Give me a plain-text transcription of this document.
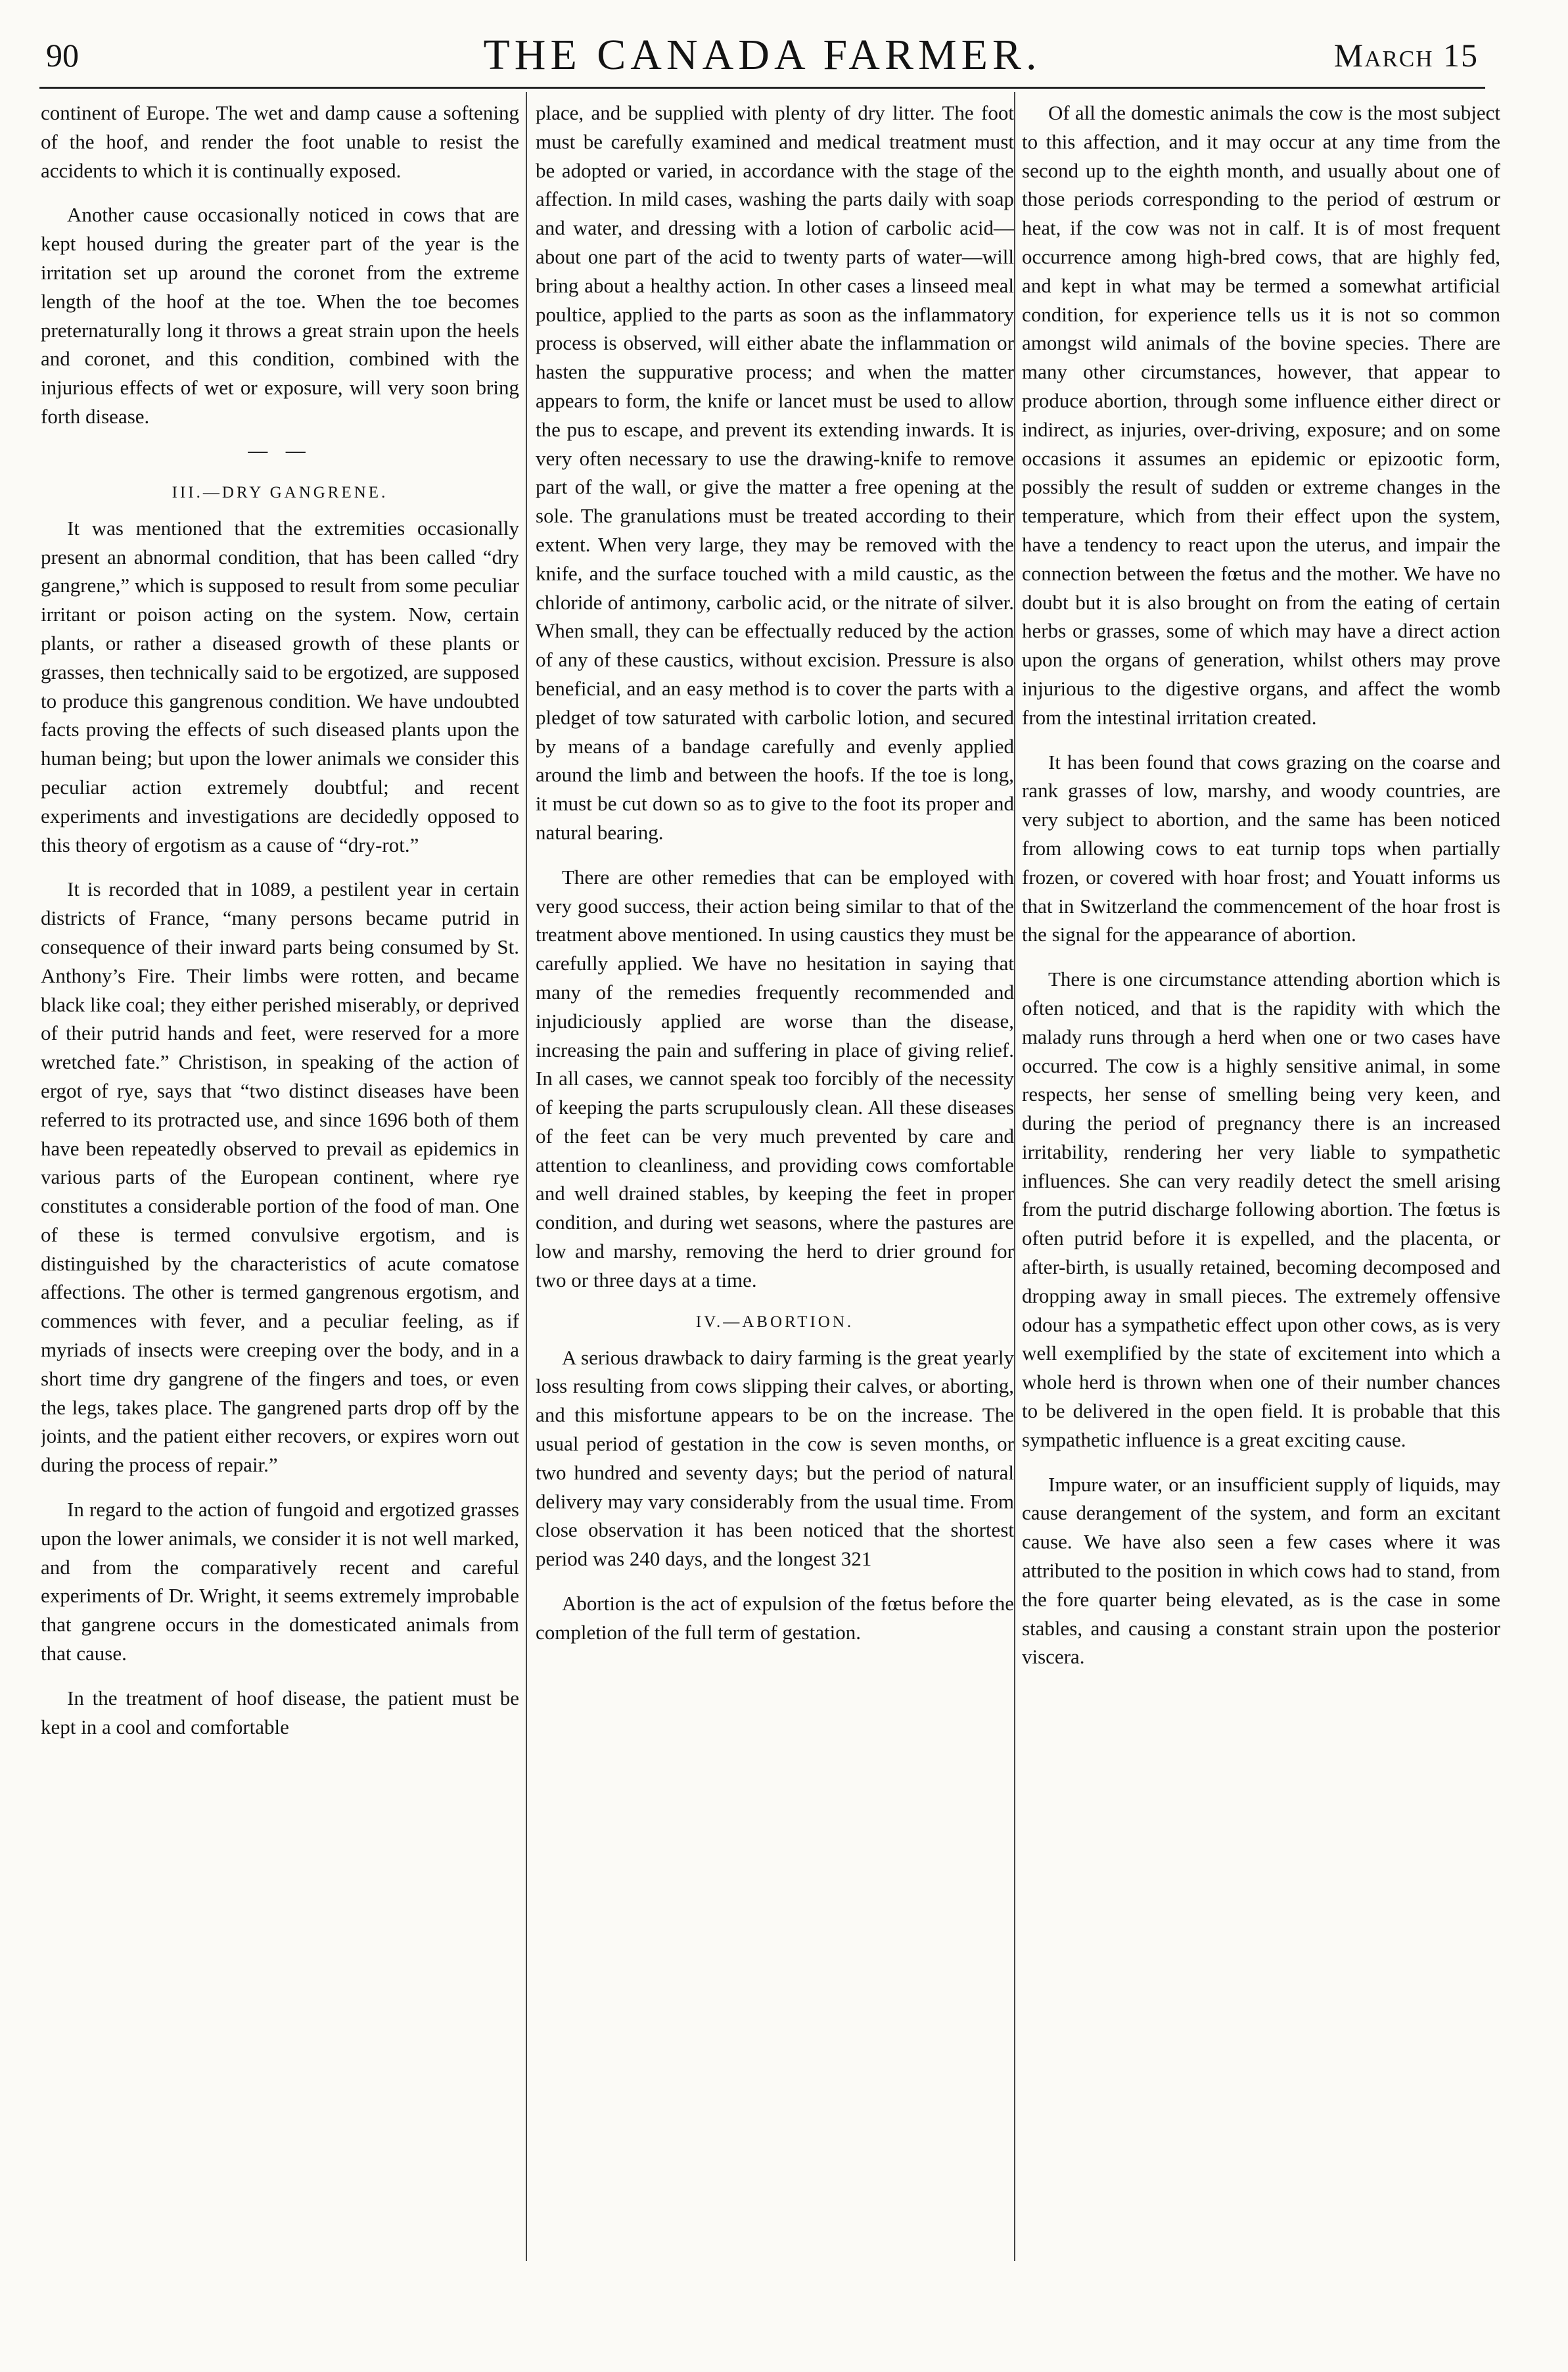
90	THE CANADA FARMER.	March 15

continent of Europe. The wet and damp cause a softening of the hoof, and render the foot unable to resist the accidents to which it is continually exposed.

Another cause occasionally noticed in cows that are kept housed during the greater part of the year is the irritation set up around the coronet from the extreme length of the hoof at the toe. When the toe becomes preternaturally long it throws a great strain upon the heels and coronet, and this condition, combined with the injurious effects of wet or exposure, will very soon bring forth disease.

— —
III.—DRY GANGRENE.

It was mentioned that the extremities occasionally present an abnormal condition, that has been called “dry gangrene,” which is supposed to result from some peculiar irritant or poison acting on the system. Now, certain plants, or rather a diseased growth of these plants or grasses, then technically said to be ergotized, are supposed to produce this gangrenous condition. We have undoubted facts proving the effects of such diseased plants upon the human being; but upon the lower animals we consider this peculiar action extremely doubtful; and recent experiments and investigations are decidedly opposed to this theory of ergotism as a cause of “dry-rot.”

It is recorded that in 1089, a pestilent year in certain districts of France, “many persons became putrid in consequence of their inward parts being consumed by St. Anthony’s Fire. Their limbs were rotten, and became black like coal; they either perished miserably, or deprived of their putrid hands and feet, were reserved for a more wretched fate.” Christison, in speaking of the action of ergot of rye, says that “two distinct diseases have been referred to its protracted use, and since 1696 both of them have been repeatedly observed to prevail as epidemics in various parts of the European continent, where rye constitutes a considerable portion of the food of man. One of these is termed convulsive ergotism, and is distinguished by the characteristics of acute comatose affections. The other is termed gangrenous ergotism, and commences with fever, and a peculiar feeling, as if myriads of insects were creeping over the body, and in a short time dry gangrene of the fingers and toes, or even the legs, takes place. The gangrened parts drop off by the joints, and the patient either recovers, or expires worn out during the process of repair.”

In regard to the action of fungoid and ergotized grasses upon the lower animals, we consider it is not well marked, and from the comparatively recent and careful experiments of Dr. Wright, it seems extremely improbable that gangrene occurs in the domesticated animals from that cause.

In the treatment of hoof disease, the patient must be kept in a cool and comfortable

place, and be supplied with plenty of dry litter. The foot must be carefully examined and medical treatment must be adopted or varied, in accordance with the stage of the affection. In mild cases, washing the parts daily with soap and water, and dressing with a lotion of carbolic acid—about one part of the acid to twenty parts of water—will bring about a healthy action. In other cases a linseed meal poultice, applied to the parts as soon as the inflammatory process is observed, will either abate the inflammation or hasten the suppurative process; and when the matter appears to form, the knife or lancet must be used to allow the pus to escape, and prevent its extending inwards. It is very often necessary to use the drawing-knife to remove part of the wall, or give the matter a free opening at the sole. The granulations must be treated according to their extent. When very large, they may be removed with the knife, and the surface touched with a mild caustic, as the chloride of antimony, carbolic acid, or the nitrate of silver. When small, they can be effectually reduced by the action of any of these caustics, without excision. Pressure is also beneficial, and an easy method is to cover the parts with a pledget of tow saturated with carbolic lotion, and secured by means of a bandage carefully and evenly applied around the limb and between the hoofs. If the toe is long, it must be cut down so as to give to the foot its proper and natural bearing.

There are other remedies that can be employed with very good success, their action being similar to that of the treatment above mentioned. In using caustics they must be carefully applied. We have no hesitation in saying that many of the remedies frequently recommended and injudiciously applied are worse than the disease, increasing the pain and suffering in place of giving relief. In all cases, we cannot speak too forcibly of the necessity of keeping the parts scrupulously clean. All these diseases of the feet can be very much prevented by care and attention to cleanliness, and providing cows comfortable and well drained stables, by keeping the feet in proper condition, and during wet seasons, where the pastures are low and marshy, removing the herd to drier ground for two or three days at a time.

IV.—ABORTION.

A serious drawback to dairy farming is the great yearly loss resulting from cows slipping their calves, or aborting, and this misfortune appears to be on the increase. The usual period of gestation in the cow is seven months, or two hundred and seventy days; but the period of natural delivery may vary considerably from the usual time. From close observation it has been noticed that the shortest period was 240 days, and the longest 321

Abortion is the act of expulsion of the fœtus before the completion of the full term of gestation.

Of all the domestic animals the cow is the most subject to this affection, and it may occur at any time from the second up to the eighth month, and usually about one of those periods corresponding to the period of œstrum or heat, if the cow was not in calf. It is of most frequent occurrence among high-bred cows, that are highly fed, and kept in what may be termed a somewhat artificial condition, for experience tells us it is not so common amongst wild animals of the bovine species. There are many other circumstances, however, that appear to produce abortion, through some influence either direct or indirect, as injuries, over-driving, exposure; and on some occasions it assumes an epidemic or epizootic form, possibly the result of sudden or extreme changes in the temperature, which from their effect upon the system, have a tendency to react upon the uterus, and impair the connection between the fœtus and the mother. We have no doubt but it is also brought on from the eating of certain herbs or grasses, some of which may have a direct action upon the organs of generation, whilst others may prove injurious to the digestive organs, and affect the womb from the intestinal irritation created.

It has been found that cows grazing on the coarse and rank grasses of low, marshy, and woody countries, are very subject to abortion, and the same has been noticed from allowing cows to eat turnip tops when partially frozen, or covered with hoar frost; and Youatt informs us that in Switzerland the commencement of the hoar frost is the signal for the appearance of abortion.

There is one circumstance attending abortion which is often noticed, and that is the rapidity with which the malady runs through a herd when one or two cases have occurred. The cow is a highly sensitive animal, in some respects, her sense of smelling being very keen, and during the period of pregnancy there is an increased irritability, rendering her very liable to sympathetic influences. She can very readily detect the smell arising from the putrid discharge following abortion. The fœtus is often putrid before it is expelled, and the placenta, or after-birth, is usually retained, becoming decomposed and dropping away in small pieces. The extremely offensive odour has a sympathetic effect upon other cows, as is very well exemplified by the state of excitement into which a whole herd is thrown when one of their number chances to be delivered in the open field. It is probable that this sympathetic influence is a great exciting cause.

Impure water, or an insufficient supply of liquids, may cause derangement of the system, and form an excitant cause. We have also seen a few cases where it was attributed to the position in which cows had to stand, from the fore quarter being elevated, as is the case in some stables, and causing a constant strain upon the posterior viscera.
